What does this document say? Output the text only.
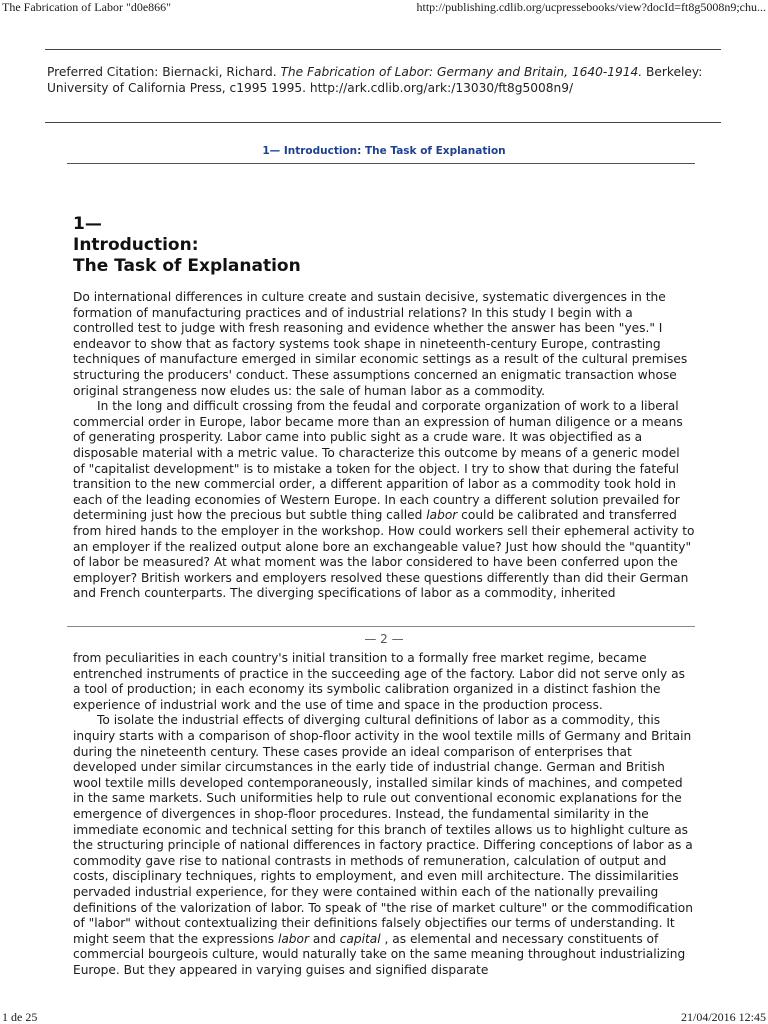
The Fabrication of Labor "d0e866"	http://publishing.cdlib.org/ucpressebooks/view?docId=ft8g5008n9;chu...
Preferred Citation: Biernacki, Richard. The Fabrication of Labor: Germany and Britain, 1640-1914. Berkeley: University of California Press, c1995 1995. http://ark.cdlib.org/ark:/13030/ft8g5008n9/
1— Introduction: The Task of Explanation
1—
Introduction:
The Task of Explanation

Do international differences in culture create and sustain decisive, systematic divergences in the formation of manufacturing practices and of industrial relations? In this study I begin with a controlled test to judge with fresh reasoning and evidence whether the answer has been "yes." I endeavor to show that as factory systems took shape in nineteenth-century Europe, contrasting techniques of manufacture emerged in similar economic settings as a result of the cultural premises structuring the producers' conduct. These assumptions concerned an enigmatic transaction whose original strangeness now eludes us: the sale of human labor as a commodity.

In the long and difficult crossing from the feudal and corporate organization of work to a liberal commercial order in Europe, labor became more than an expression of human diligence or a means of generating prosperity. Labor came into public sight as a crude ware. It was objectified as a disposable material with a metric value. To characterize this outcome by means of a generic model of "capitalist development" is to mistake a token for the object. I try to show that during the fateful transition to the new commercial order, a different apparition of labor as a commodity took hold in each of the leading economies of Western Europe. In each country a different solution prevailed for determining just how the precious but subtle thing called labor could be calibrated and transferred from hired hands to the employer in the workshop. How could workers sell their ephemeral activity to an employer if the realized output alone bore an exchangeable value? Just how should the "quantity" of labor be measured? At what moment was the labor considered to have been conferred upon the employer? British workers and employers resolved these questions differently than did their German and French counterparts. The diverging specifications of labor as a commodity, inherited

— 2 —

from peculiarities in each country's initial transition to a formally free market regime, became entrenched instruments of practice in the succeeding age of the factory. Labor did not serve only as a tool of production; in each economy its symbolic calibration organized in a distinct fashion the experience of industrial work and the use of time and space in the production process.

To isolate the industrial effects of diverging cultural definitions of labor as a commodity, this inquiry starts with a comparison of shop-floor activity in the wool textile mills of Germany and Britain during the nineteenth century. These cases provide an ideal comparison of enterprises that developed under similar circumstances in the early tide of industrial change. German and British wool textile mills developed contemporaneously, installed similar kinds of machines, and competed in the same markets. Such uniformities help to rule out conventional economic explanations for the emergence of divergences in shop-floor procedures. Instead, the fundamental similarity in the immediate economic and technical setting for this branch of textiles allows us to highlight culture as the structuring principle of national differences in factory practice. Differing conceptions of labor as a commodity gave rise to national contrasts in methods of remuneration, calculation of output and costs, disciplinary techniques, rights to employment, and even mill architecture. The dissimilarities pervaded industrial experience, for they were contained within each of the nationally prevailing definitions of the valorization of labor. To speak of "the rise of market culture" or the commodification of "labor" without contextualizing their definitions falsely objectifies our terms of understanding. It might seem that the expressions labor and capital , as elemental and necessary constituents of commercial bourgeois culture, would naturally take on the same meaning throughout industrializing Europe. But they appeared in varying guises and signified disparate

1 de 25	21/04/2016 12:45
